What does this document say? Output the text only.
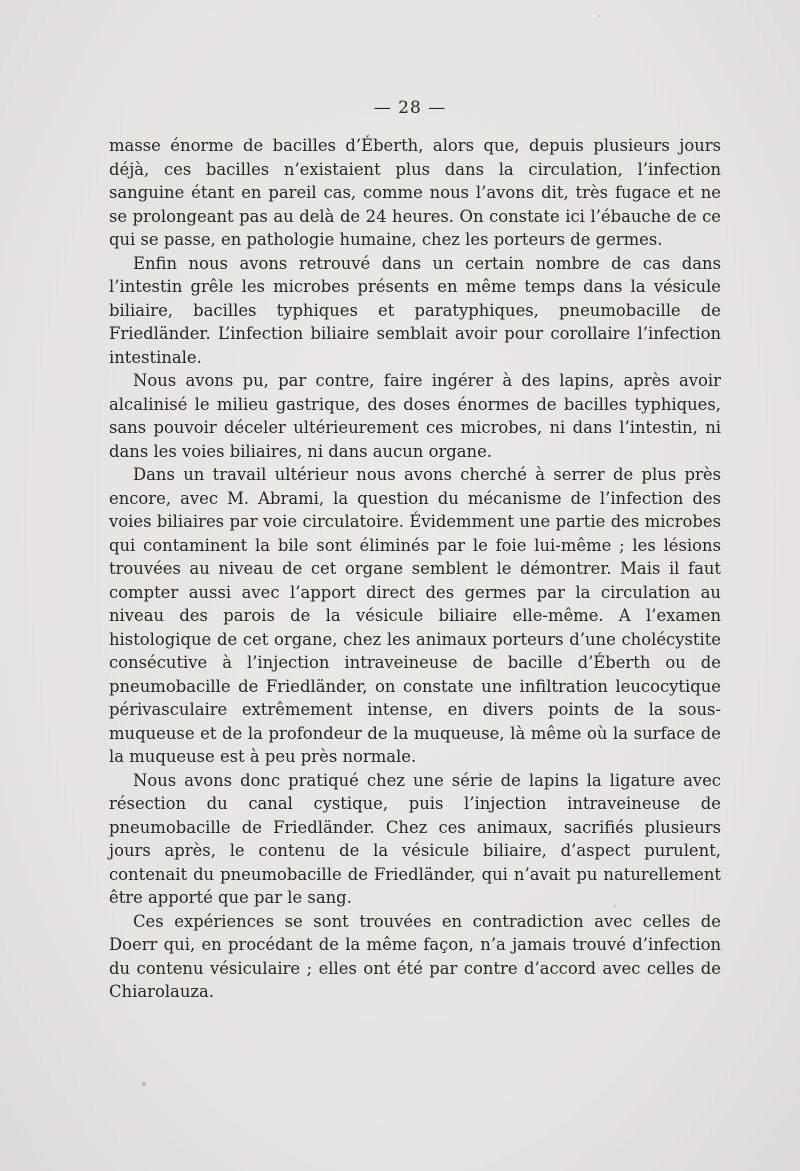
— 28 —

masse énorme de bacilles d’Éberth, alors que, depuis plusieurs jours déjà, ces bacilles n’existaient plus dans la circulation, l’infection sanguine étant en pareil cas, comme nous l’avons dit, très fugace et ne se prolongeant pas au delà de 24 heures. On constate ici l’ébauche de ce qui se passe, en pathologie humaine, chez les porteurs de germes.

Enfin nous avons retrouvé dans un certain nombre de cas dans l’intestin grêle les microbes présents en même temps dans la vésicule biliaire, bacilles typhiques et paratyphiques, pneumobacille de Friedländer. L’infection biliaire semblait avoir pour corollaire l’infection intestinale.

Nous avons pu, par contre, faire ingérer à des lapins, après avoir alcalinisé le milieu gastrique, des doses énormes de bacilles typhiques, sans pouvoir déceler ultérieurement ces microbes, ni dans l’intestin, ni dans les voies biliaires, ni dans aucun organe.

Dans un travail ultérieur nous avons cherché à serrer de plus près encore, avec M. Abrami, la question du mécanisme de l’infection des voies biliaires par voie circulatoire. Évidemment une partie des microbes qui contaminent la bile sont éliminés par le foie lui-même ; les lésions trouvées au niveau de cet organe semblent le démontrer. Mais il faut compter aussi avec l’apport direct des germes par la circulation au niveau des parois de la vésicule biliaire elle-même. A l’examen histologique de cet organe, chez les animaux porteurs d’une cholécystite consécutive à l’injection intraveineuse de bacille d’Éberth ou de pneumobacille de Friedländer, on constate une infiltration leucocytique périvasculaire extrêmement intense, en divers points de la sous-muqueuse et de la profondeur de la muqueuse, là même où la surface de la muqueuse est à peu près normale.

Nous avons donc pratiqué chez une série de lapins la ligature avec résection du canal cystique, puis l’injection intraveineuse de pneumobacille de Friedländer. Chez ces animaux, sacrifiés plusieurs jours après, le contenu de la vésicule biliaire, d’aspect purulent, contenait du pneumobacille de Friedländer, qui n’avait pu naturellement être apporté que par le sang.

Ces expériences se sont trouvées en contradiction avec celles de Doerr qui, en procédant de la même façon, n’a jamais trouvé d’infection du contenu vésiculaire ; elles ont été par contre d’accord avec celles de Chiarolauza.
